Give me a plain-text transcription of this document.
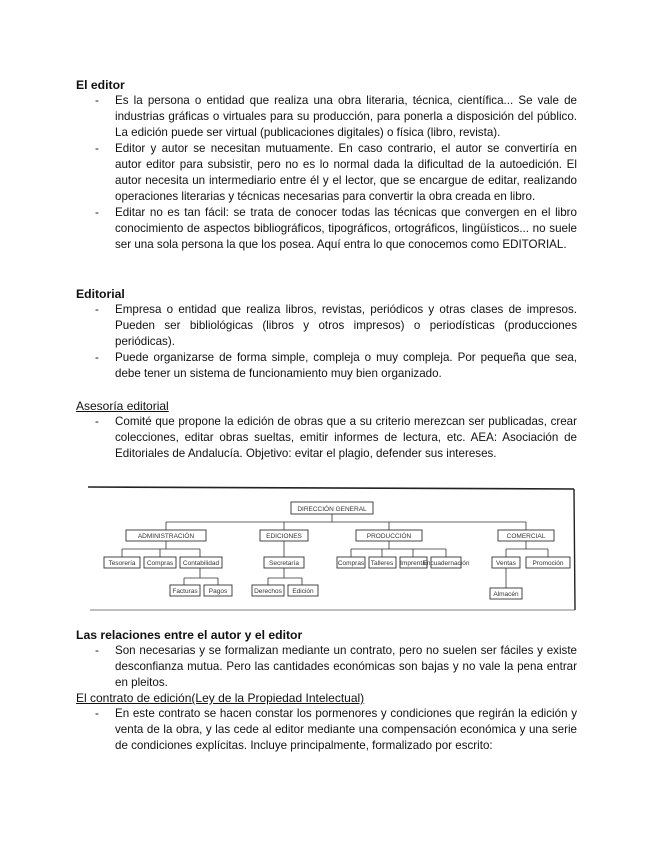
El editor
-	Es la persona o entidad que realiza una obra literaria, técnica, científica... Se vale de industrias gráficas o virtuales para su producción, para ponerla a disposición del público. La edición puede ser virtual (publicaciones digitales) o física (libro, revista).
-	Editor y autor se necesitan mutuamente. En caso contrario, el autor se convertiría en autor editor para subsistir, pero no es lo normal dada la dificultad de la autoedición. El autor necesita un intermediario entre él y el lector, que se encargue de editar, realizando operaciones literarias y técnicas necesarias para convertir la obra creada en libro.
-	Editar no es tan fácil: se trata de conocer todas las técnicas que convergen en el libro conocimiento de aspectos bibliográficos, tipográficos, ortográficos, lingüísticos... no suele ser una sola persona la que los posea. Aquí entra lo que conocemos como EDITORIAL.
Editorial
-	Empresa o entidad que realiza libros, revistas, periódicos y otras clases de impresos. Pueden ser bibliológicas (libros y otros impresos) o periodísticas (producciones periódicas).
-	Puede organizarse de forma simple, compleja o muy compleja. Por pequeña que sea, debe tener un sistema de funcionamiento muy bien organizado.
Asesoría editorial
-	Comité que propone la edición de obras que a su criterio merezcan ser publicadas, crear colecciones, editar obras sueltas, emitir informes de lectura, etc. AEA: Asociación de Editoriales de Andalucía. Objetivo: evitar el plagio, defender sus intereses.
DIRECCIÓN GENERAL
ADMINISTRACIÓN	EDICIONES	PRODUCCIÓN	COMERCIAL
Tesorería Compras Contabilidad
Facturas Pagos
Secretaría
Derechos Edición
Compras Talleres Imprenta
Encuadernación	Ventas	Promoción
Almacén
Las relaciones entre el autor y el editor
-	Son necesarias y se formalizan mediante un contrato, pero no suelen ser fáciles y existe desconfianza mutua. Pero las cantidades económicas son bajas y no vale la pena entrar en pleitos.
El contrato de edición(Ley de la Propiedad Intelectual)
-	En este contrato se hacen constar los pormenores y condiciones que regirán la edición y venta de la obra, y las cede al editor mediante una compensación económica y una serie de condiciones explícitas. Incluye principalmente, formalizado por escrito:
